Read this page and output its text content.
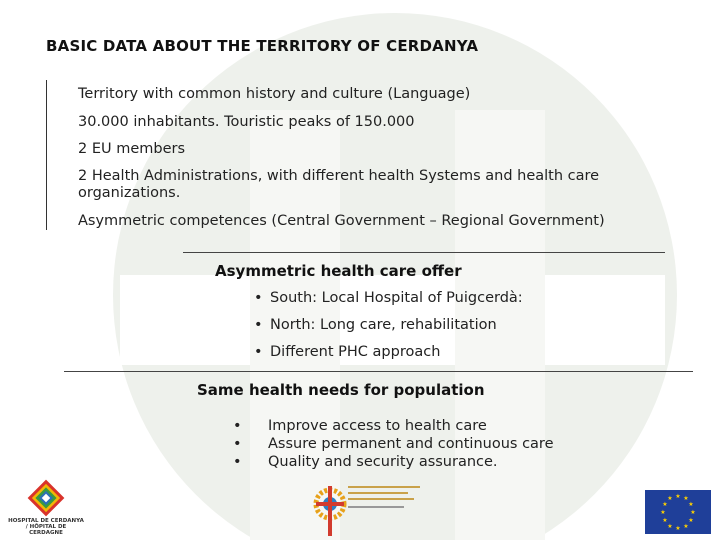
BASIC DATA ABOUT THE TERRITORY OF CERDANYA

Territory with common history and culture (Language)

30.000 inhabitants. Touristic peaks of 150.000

2 EU members

2 Health Administrations, with different health Systems and health care organizations.

Asymmetric competences (Central Government – Regional Government)

Asymmetric health care offer
• South: Local Hospital of Puigcerdà:
• North: Long care, rehabilitation
• Different PHC approach
Same health needs for population
• Improve access to health care
• Assure permanent and continuous care
• Quality and security assurance.
HOSPITAL DE CERDANYA / HÔPITAL DE CERDAGNE
★ ★
★
★
★
★
★
★
★
★
★
★
